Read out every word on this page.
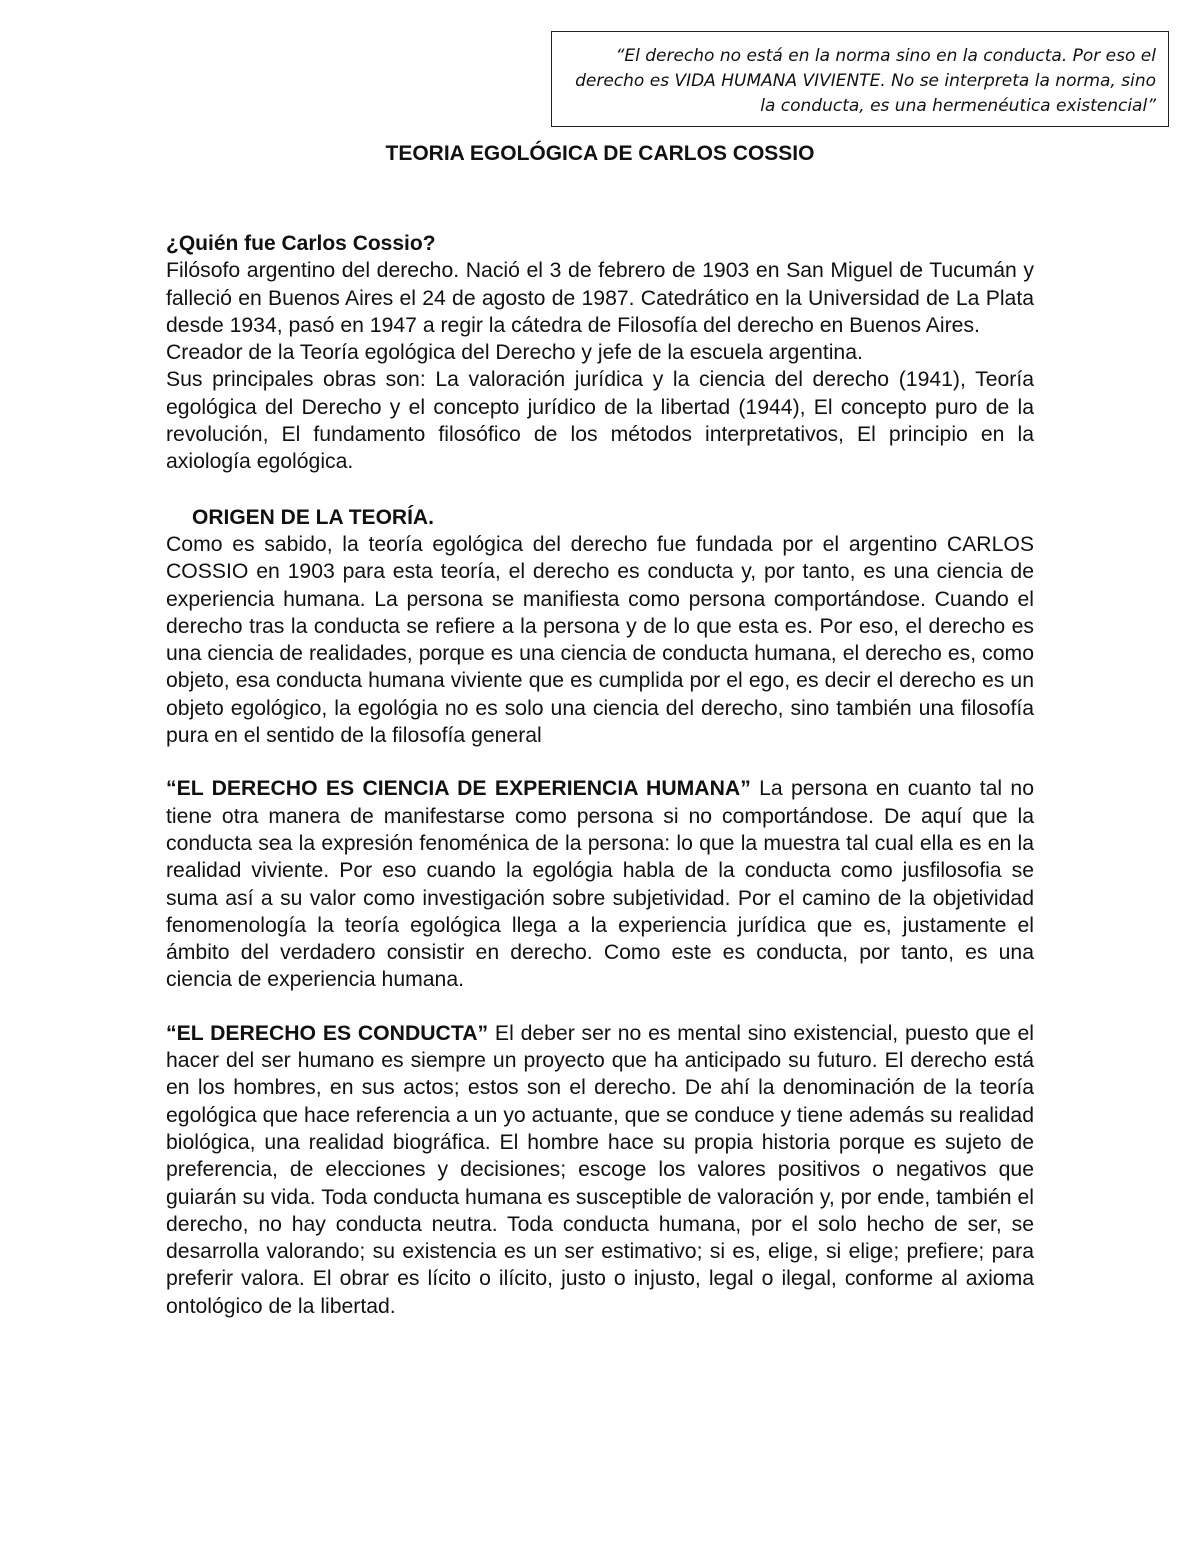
“El derecho no está en la norma sino en la conducta. Por eso el derecho es VIDA HUMANA VIVIENTE. No se interpreta la norma, sino la conducta, es una hermenéutica existencial”
TEORIA EGOLÓGICA DE CARLOS COSSIO

¿Quién fue Carlos Cossio?

Filósofo argentino del derecho. Nació el 3 de febrero de 1903 en San Miguel de Tucumán y falleció en Buenos Aires el 24 de agosto de 1987. Catedrático en la Universidad de La Plata desde 1934, pasó en 1947 a regir la cátedra de Filosofía del derecho en Buenos Aires.

Creador de la Teoría egológica del Derecho y jefe de la escuela argentina.

Sus principales obras son: La valoración jurídica y la ciencia del derecho (1941), Teoría egológica del Derecho y el concepto jurídico de la libertad (1944), El concepto puro de la revolución, El fundamento filosófico de los métodos interpretativos, El principio en la axiología egológica.

ORIGEN DE LA TEORÍA.

Como es sabido, la teoría egológica del derecho fue fundada por el argentino CARLOS COSSIO en 1903 para esta teoría, el derecho es conducta y, por tanto, es una ciencia de experiencia humana. La persona se manifiesta como persona comportándose. Cuando el derecho tras la conducta se refiere a la persona y de lo que esta es. Por eso, el derecho es una ciencia de realidades, porque es una ciencia de conducta humana, el derecho es, como objeto, esa conducta humana viviente que es cumplida por el ego, es decir el derecho es un objeto egológico, la egológia no es solo una ciencia del derecho, sino también una filosofía pura en el sentido de la filosofía general

“EL DERECHO ES CIENCIA DE EXPERIENCIA HUMANA” La persona en cuanto tal no tiene otra manera de manifestarse como persona si no comportándose. De aquí que la conducta sea la expresión fenoménica de la persona: lo que la muestra tal cual ella es en la realidad viviente. Por eso cuando la egológia habla de la conducta como jusfilosofia se suma así a su valor como investigación sobre subjetividad. Por el camino de la objetividad fenomenología la teoría egológica llega a la experiencia jurídica que es, justamente el ámbito del verdadero consistir en derecho. Como este es conducta, por tanto, es una ciencia de experiencia humana.

“EL DERECHO ES CONDUCTA” El deber ser no es mental sino existencial, puesto que el hacer del ser humano es siempre un proyecto que ha anticipado su futuro. El derecho está en los hombres, en sus actos; estos son el derecho. De ahí la denominación de la teoría egológica que hace referencia a un yo actuante, que se conduce y tiene además su realidad biológica, una realidad biográfica. El hombre hace su propia historia porque es sujeto de preferencia, de elecciones y decisiones; escoge los valores positivos o negativos que guiarán su vida. Toda conducta humana es susceptible de valoración y, por ende, también el derecho, no hay conducta neutra. Toda conducta humana, por el solo hecho de ser, se desarrolla valorando; su existencia es un ser estimativo; si es, elige, si elige; prefiere; para preferir valora. El obrar es lícito o ilícito, justo o injusto, legal o ilegal, conforme al axioma ontológico de la libertad.
